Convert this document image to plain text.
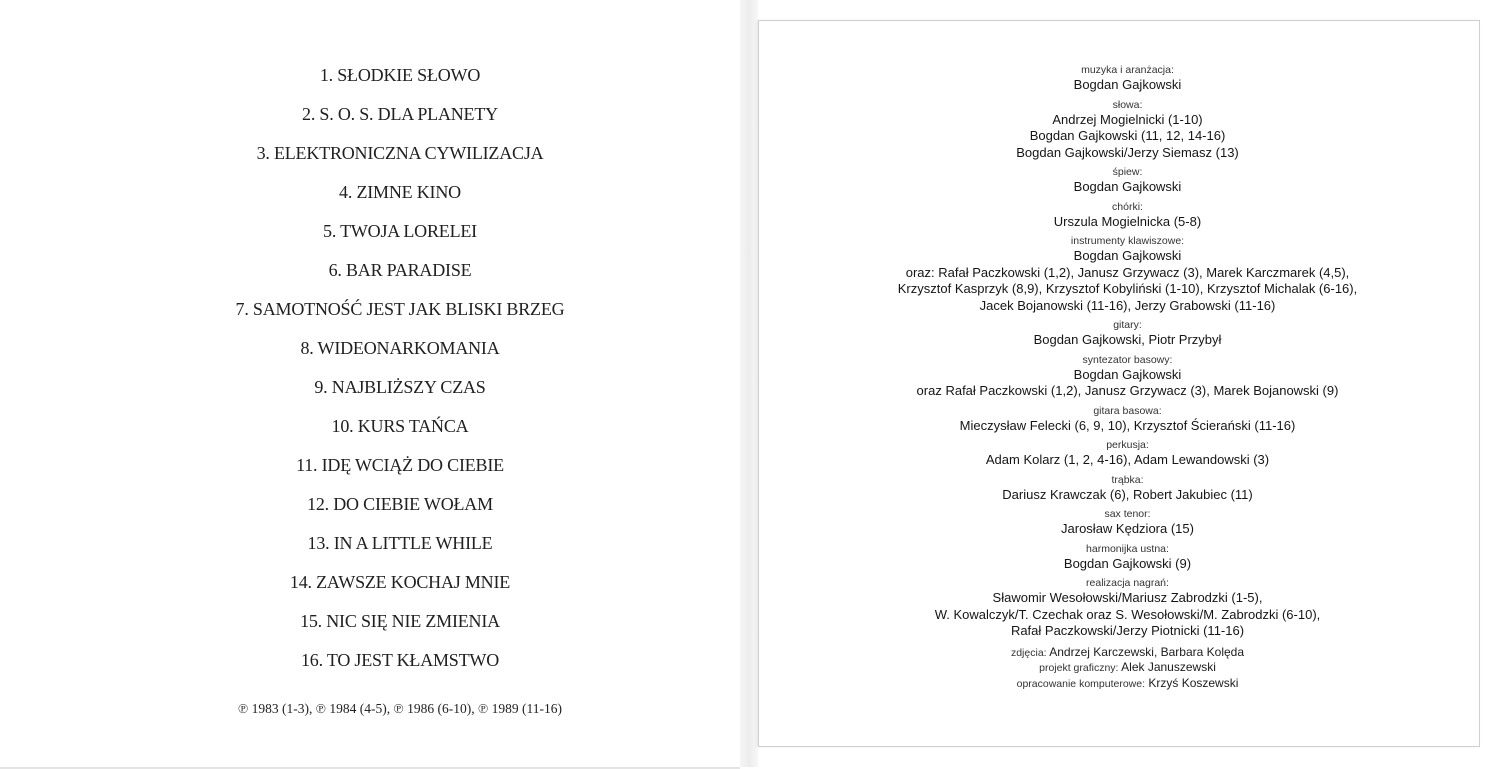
1. SŁODKIE SŁOWO
2. S. O. S. DLA PLANETY
3. ELEKTRONICZNA CYWILIZACJA
4. ZIMNE KINO
5. TWOJA LORELEI
6. BAR PARADISE
7. SAMOTNOŚĆ JEST JAK BLISKI BRZEG
8. WIDEONARKOMANIA
9. NAJBLIŻSZY CZAS
10. KURS TAŃCA
11. IDĘ WCIĄŻ DO CIEBIE
12. DO CIEBIE WOŁAM
13. IN A LITTLE WHILE
14. ZAWSZE KOCHAJ MNIE
15. NIC SIĘ NIE ZMIENIA
16. TO JEST KŁAMSTWO
℗ 1983 (1-3), ℗ 1984 (4-5), ℗ 1986 (6-10), ℗ 1989 (11-16)
muzyka i aranżacja:
Bogdan Gajkowski
słowa:
Andrzej Mogielnicki (1-10)
Bogdan Gajkowski (11, 12, 14-16)
Bogdan Gajkowski/Jerzy Siemasz (13)
śpiew:
Bogdan Gajkowski
chórki:
Urszula Mogielnicka (5-8)
instrumenty klawiszowe:
Bogdan Gajkowski
oraz: Rafał Paczkowski (1,2), Janusz Grzywacz (3), Marek Karczmarek (4,5),
Krzysztof Kasprzyk (8,9), Krzysztof Kobyliński (1-10), Krzysztof Michalak (6-16),
Jacek Bojanowski (11-16), Jerzy Grabowski (11-16)
gitary:
Bogdan Gajkowski, Piotr Przybył
syntezator basowy:
Bogdan Gajkowski
oraz Rafał Paczkowski (1,2), Janusz Grzywacz (3), Marek Bojanowski (9)
gitara basowa:
Mieczysław Felecki (6, 9, 10), Krzysztof Ścierański (11-16)
perkusja:
Adam Kolarz (1, 2, 4-16), Adam Lewandowski (3)
trąbka:
Dariusz Krawczak (6), Robert Jakubiec (11)
sax tenor:
Jarosław Kędziora (15)
harmonijka ustna:
Bogdan Gajkowski (9)
realizacja nagrań:
Sławomir Wesołowski/Mariusz Zabrodzki (1-5),
W. Kowalczyk/T. Czechak oraz S. Wesołowski/M. Zabrodzki (6-10),
Rafał Paczkowski/Jerzy Piotnicki (11-16)
zdjęcia: Andrzej Karczewski, Barbara Kolęda
projekt graficzny: Alek Januszewski
opracowanie komputerowe: Krzyś Koszewski
